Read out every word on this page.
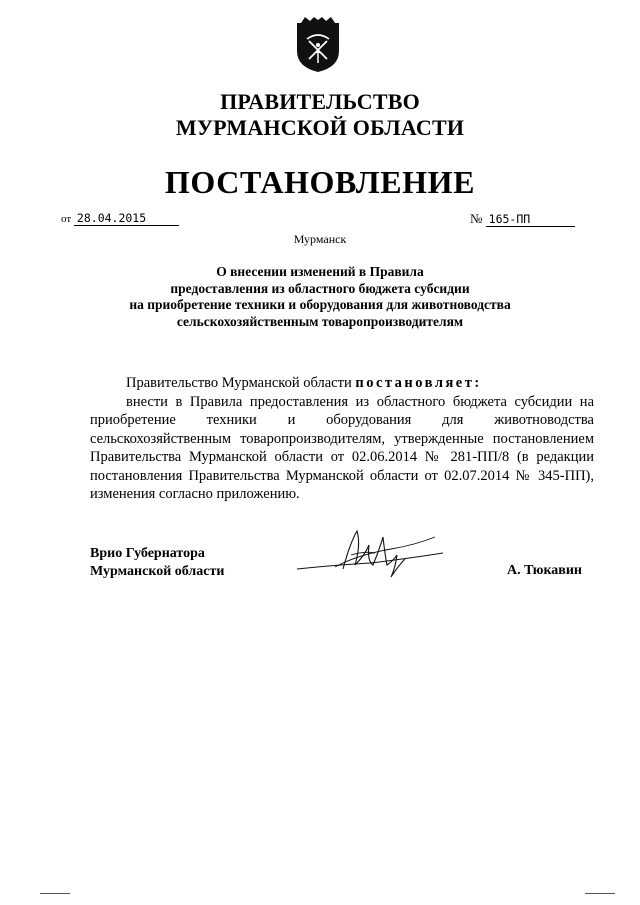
ПРАВИТЕЛЬСТВО
МУРМАНСКОЙ ОБЛАСТИ
ПОСТАНОВЛЕНИЕ
от 28.04.2015	№ 165-ПП
Мурманск
О внесении изменений в Правила
предоставления из областного бюджета субсидии
на приобретение техники и оборудования для животноводства
сельскохозяйственным товаропроизводителям

Правительство Мурманской области постановляет:

внести в Правила предоставления из областного бюджета субсидии на приобретение техники и оборудования для животноводства сельскохозяйственным товаропроизводителям, утвержденные постановлением Правительства Мурманской области от 02.06.2014 № 281-ПП/8 (в редакции постановления Правительства Мурманской области от 02.07.2014 № 345-ПП), изменения согласно приложению.

Врио Губернатора
Мурманской области	А. Тюкавин
